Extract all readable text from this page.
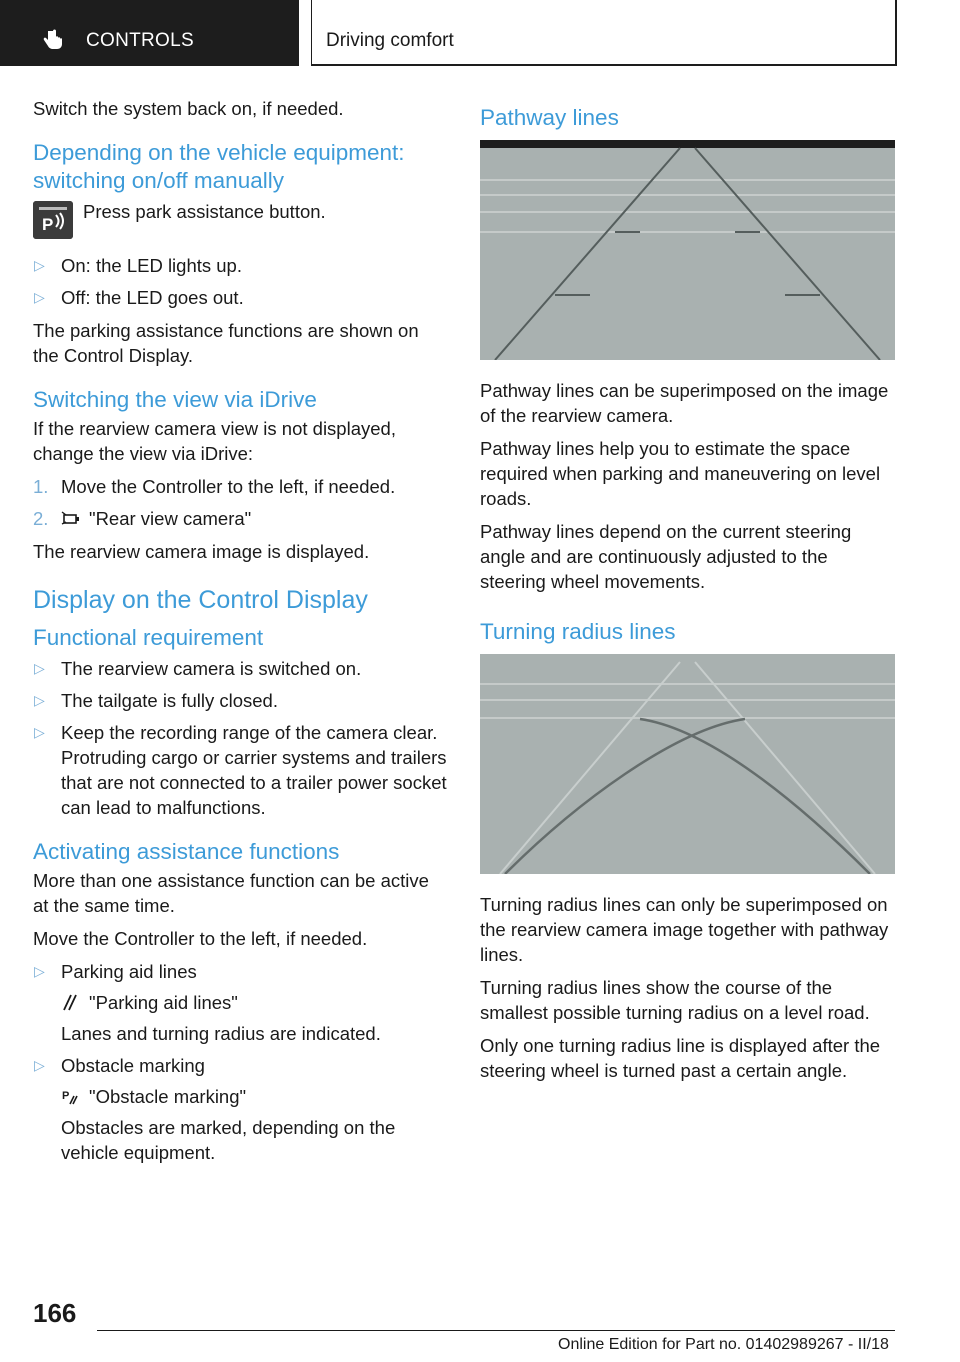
CONTROLS	Driving comfort

Switch the system back on, if needed.

Depending on the vehicle equipment: switching on/off manually
P
Press park assistance button.
▷ On: the LED lights up.
▷ Off: the LED goes out.

The parking assistance functions are shown on the Control Display.

Switching the view via iDrive

If the rearview camera view is not displayed, change the view via iDrive:

1. Move the Controller to the left, if needed.
2. "Rear view camera"

The rearview camera image is displayed.

Display on the Control Display
Functional requirement
▷ The rearview camera is switched on.
▷ The tailgate is fully closed.
▷ Keep the recording range of the camera clear. Protruding cargo or carrier systems and trailers that are not connected to a trailer power socket can lead to malfunctions.
Activating assistance functions

More than one assistance function can be active at the same time.

Move the Controller to the left, if needed.

▷ Parking aid lines
"Parking aid lines"
Lanes and turning radius are indicated.
▷ Obstacle marking
P "Obstacle marking"
Obstacles are marked, depending on the vehicle equipment.
Pathway lines

Pathway lines can be superimposed on the image of the rearview camera.

Pathway lines help you to estimate the space required when parking and maneuvering on level roads.

Pathway lines depend on the current steering angle and are continuously adjusted to the steering wheel movements.

Turning radius lines

Turning radius lines can only be superimposed on the rearview camera image together with pathway lines.

Turning radius lines show the course of the smallest possible turning radius on a level road.

Only one turning radius line is displayed after the steering wheel is turned past a certain angle.

166
Online Edition for Part no. 01402989267 - II/18
